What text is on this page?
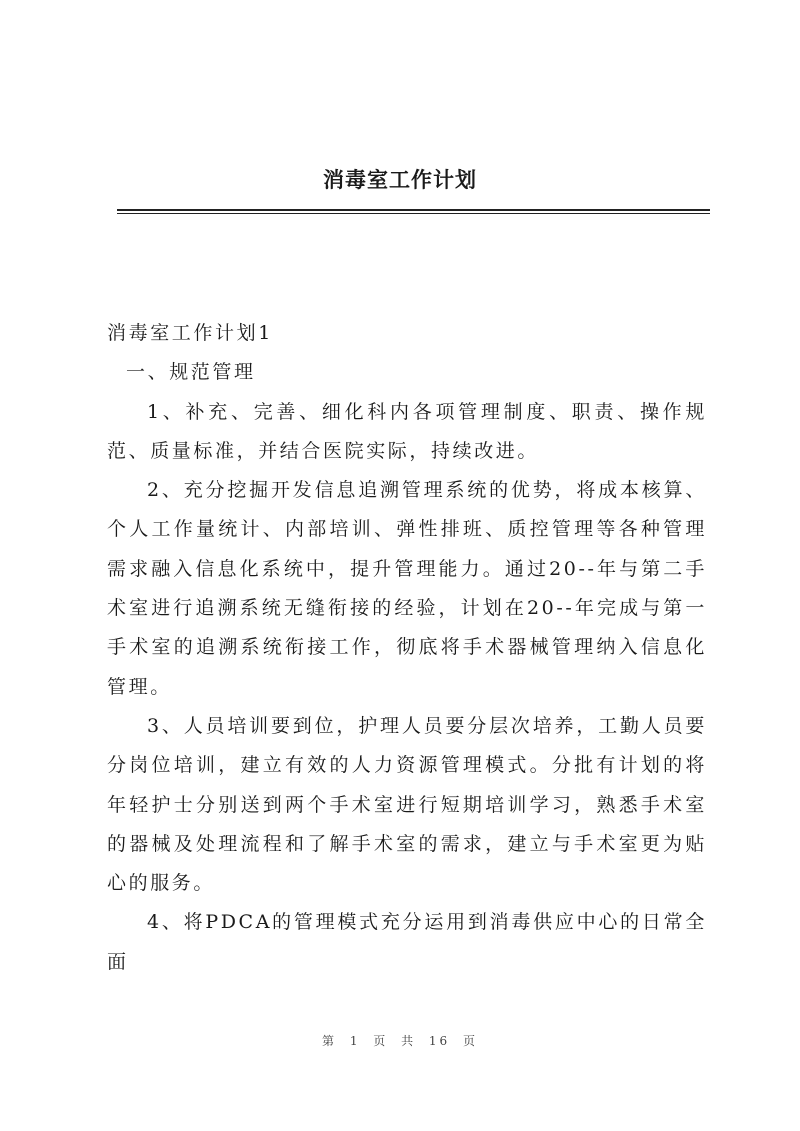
消毒室工作计划

消毒室工作计划1

一、规范管理

1、补充、完善、细化科内各项管理制度、职责、操作规范、质量标准，并结合医院实际，持续改进。

2、充分挖掘开发信息追溯管理系统的优势，将成本核算、个人工作量统计、内部培训、弹性排班、质控管理等各种管理需求融入信息化系统中，提升管理能力。通过20--年与第二手术室进行追溯系统无缝衔接的经验，计划在20--年完成与第一手术室的追溯系统衔接工作，彻底将手术器械管理纳入信息化管理。

3、人员培训要到位，护理人员要分层次培养，工勤人员要分岗位培训，建立有效的人力资源管理模式。分批有计划的将年轻护士分别送到两个手术室进行短期培训学习，熟悉手术室的器械及处理流程和了解手术室的需求，建立与手术室更为贴心的服务。

4、将PDCA的管理模式充分运用到消毒供应中心的日常全面

第 1 页 共 16 页
